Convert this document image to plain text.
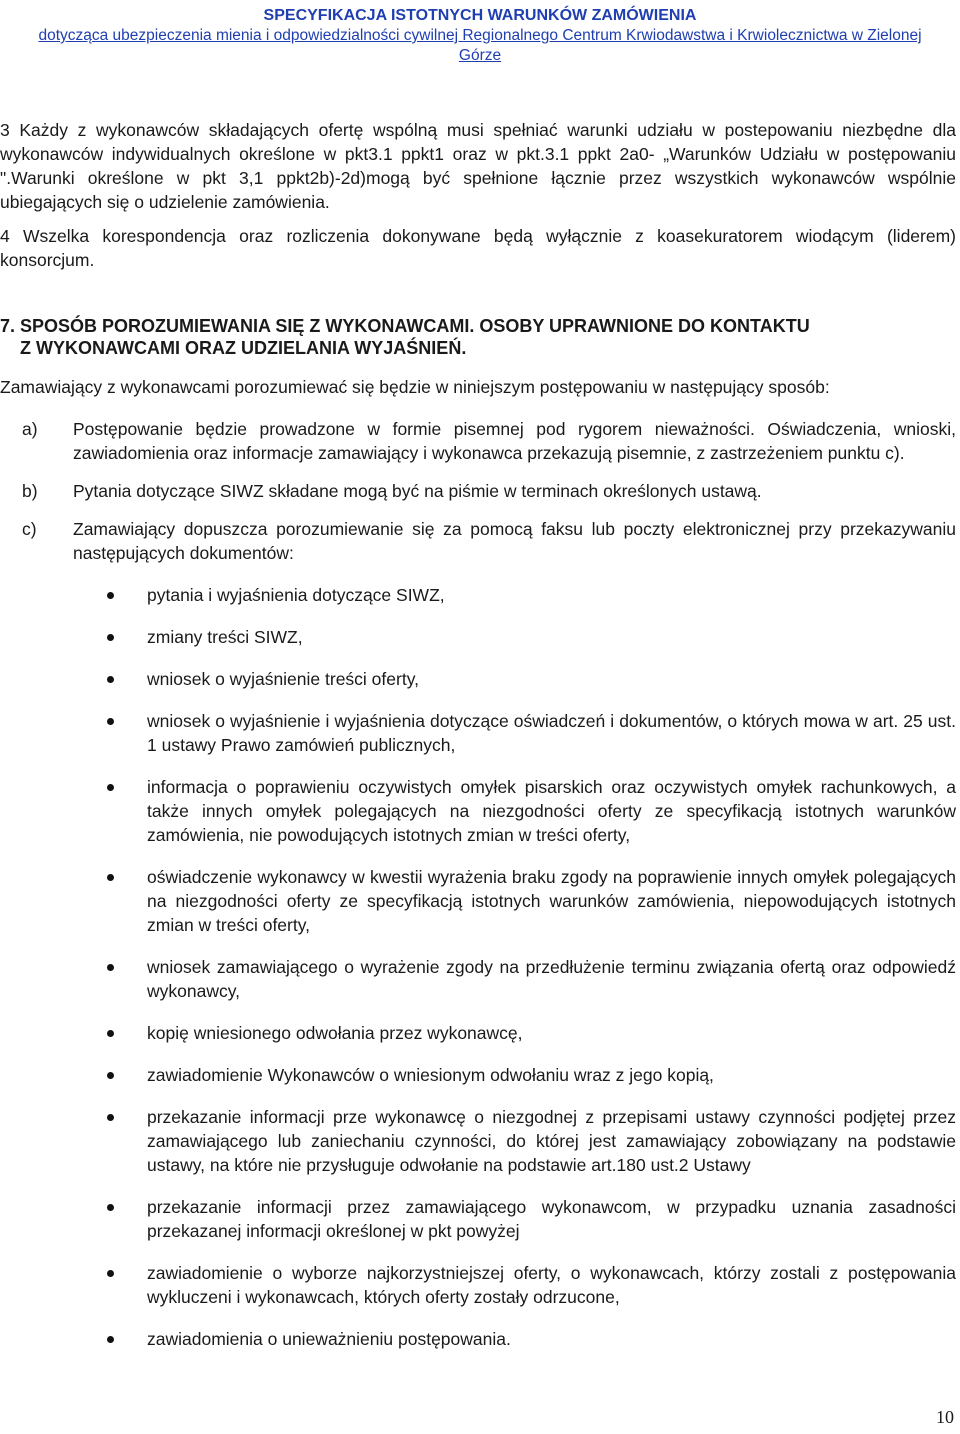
SPECYFIKACJA ISTOTNYCH WARUNKÓW ZAMÓWIENIA
dotycząca ubezpieczenia mienia i odpowiedzialności cywilnej Regionalnego Centrum Krwiodawstwa i Krwiolecznictwa w Zielonej
Górze

3 Każdy z wykonawców składających ofertę wspólną musi spełniać warunki udziału w postepowaniu niezbędne dla wykonawców indywidualnych określone w pkt3.1 ppkt1 oraz w pkt.3.1 ppkt 2a0- „Warunków Udziału w postępowaniu ".Warunki określone w pkt 3,1 ppkt2b)-2d)mogą być spełnione łącznie przez wszystkich wykonawców wspólnie ubiegających się o udzielenie zamówienia.

4 Wszelka korespondencja oraz rozliczenia dokonywane będą wyłącznie z koasekuratorem wiodącym (liderem) konsorcjum.

7. SPOSÓB POROZUMIEWANIA SIĘ Z WYKONAWCAMI. OSOBY UPRAWNIONE DO KONTAKTU
Z WYKONAWCAMI ORAZ UDZIELANIA WYJAŚNIEŃ.

Zamawiający z wykonawcami porozumiewać się będzie w niniejszym postępowaniu w następujący sposób:

a)	Postępowanie będzie prowadzone w formie pisemnej pod rygorem nieważności. Oświadczenia, wnioski, zawiadomienia oraz informacje zamawiający i wykonawca przekazują pisemnie, z zastrzeżeniem punktu c).
b)	Pytania dotyczące SIWZ składane mogą być na piśmie w terminach określonych ustawą.
c)	Zamawiający dopuszcza porozumiewanie się za pomocą faksu lub poczty elektronicznej przy przekazywaniu następujących dokumentów:
pytania i wyjaśnienia dotyczące SIWZ,
zmiany treści SIWZ,
wniosek o wyjaśnienie treści oferty,
wniosek o wyjaśnienie i wyjaśnienia dotyczące oświadczeń i dokumentów, o których mowa w art. 25 ust. 1 ustawy Prawo zamówień publicznych,
informacja o poprawieniu oczywistych omyłek pisarskich oraz oczywistych omyłek rachunkowych, a także innych omyłek polegających na niezgodności oferty ze specyfikacją istotnych warunków zamówienia, nie powodujących istotnych zmian w treści oferty,
oświadczenie wykonawcy w kwestii wyrażenia braku zgody na poprawienie innych omyłek polegających na niezgodności oferty ze specyfikacją istotnych warunków zamówienia, niepowodujących istotnych zmian w treści oferty,
wniosek zamawiającego o wyrażenie zgody na przedłużenie terminu związania ofertą oraz odpowiedź wykonawcy,
kopię wniesionego odwołania przez wykonawcę,
zawiadomienie Wykonawców o wniesionym odwołaniu wraz z jego kopią,
przekazanie informacji prze wykonawcę o niezgodnej z przepisami ustawy czynności podjętej przez zamawiającego lub zaniechaniu czynności, do której jest zamawiający zobowiązany na podstawie ustawy, na które nie przysługuje odwołanie na podstawie art.180 ust.2 Ustawy
przekazanie informacji przez zamawiającego wykonawcom, w przypadku uznania zasadności przekazanej informacji określonej w pkt powyżej
zawiadomienie o wyborze najkorzystniejszej oferty, o wykonawcach, którzy zostali z postępowania wykluczeni i wykonawcach, których oferty zostały odrzucone,
zawiadomienia o unieważnieniu postępowania.
10
